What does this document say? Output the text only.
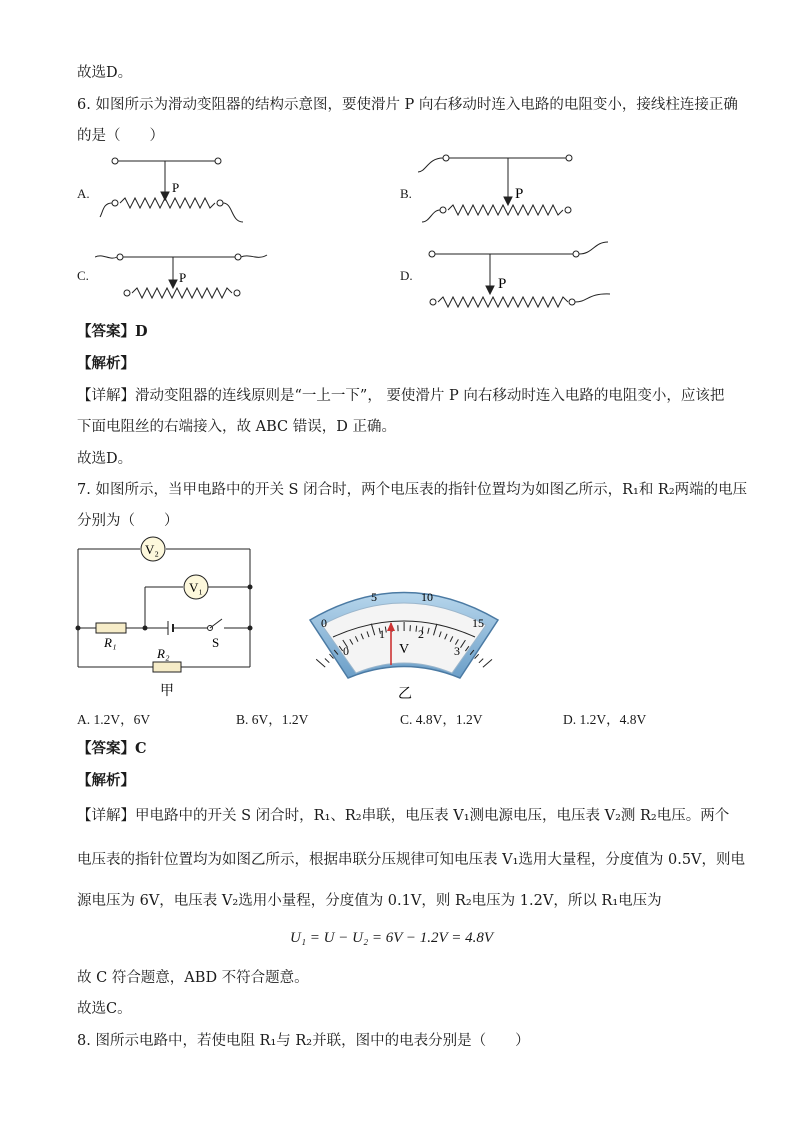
故选D。
6. 如图所示为滑动变阻器的结构示意图，要使滑片 P 向右移动时连入电路的电阻变小，接线柱连接正确
的是（　　）
A.	B.
C.	D.
P	P
P	P
【答案】D
【解析】
【详解】滑动变阻器的连线原则是“一上一下”， 要使滑片 P 向右移动时连入电路的电阻变小，应该把
下面电阻丝的右端接入，故 ABC 错误，D 正确。
故选D。
7. 如图所示，当甲电路中的开关 S 闭合时，两个电压表的指针位置均为如图乙所示，R₁和 R₂两端的电压
分别为（　　）
V₂
V₁
R₁
R₂
S
甲
0
5	10
15
0
1	2
3
V
乙
A. 1.2V，6V	B. 6V，1.2V	C. 4.8V，1.2V	D. 1.2V，4.8V
【答案】C
【解析】
【详解】甲电路中的开关 S 闭合时，R₁、R₂串联，电压表 V₁测电源电压，电压表 V₂测 R₂电压。两个
电压表的指针位置均为如图乙所示，根据串联分压规律可知电压表 V₁选用大量程，分度值为 0.5V，则电
源电压为 6V，电压表 V₂选用小量程，分度值为 0.1V，则 R₂电压为 1.2V，所以 R₁电压为
U₁ = U − U₂ = 6V − 1.2V = 4.8V
故 C 符合题意，ABD 不符合题意。
故选C。
8. 图所示电路中，若使电阻 R₁与 R₂并联，图中的电表分别是（　　）
